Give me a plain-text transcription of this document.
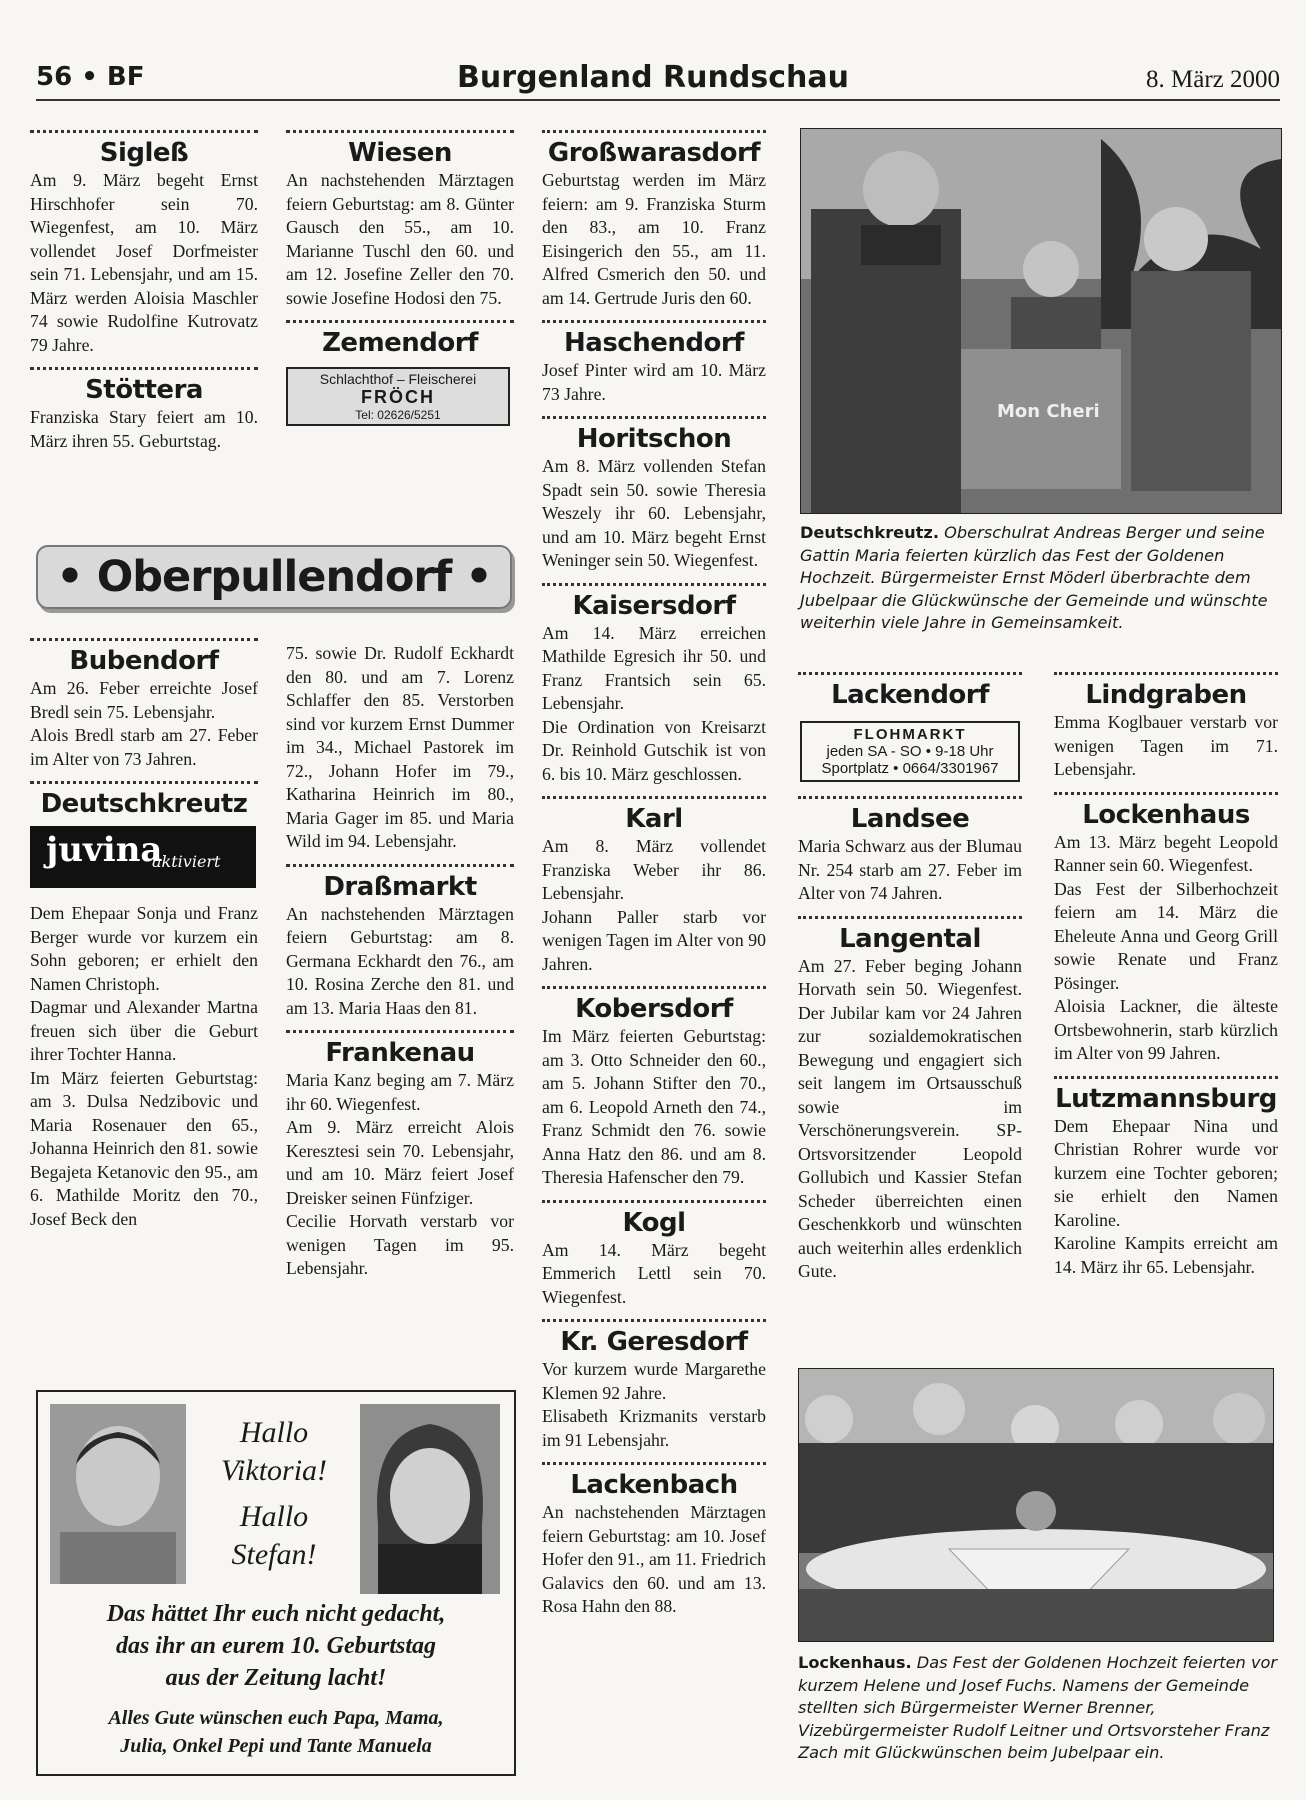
56 • BF	Burgenland Rundschau	8. März 2000
Sigleß
Am 9. März begeht Ernst Hirschhofer sein 70. Wiegenfest, am 10. März vollendet Josef Dorfmeister sein 71. Lebensjahr, und am 15. März werden Aloisia Maschler 74 sowie Rudolfine Kutrovatz 79 Jahre.
Stöttera
Franziska Stary feiert am 10. März ihren 55. Geburtstag.
Wiesen
An nachstehenden Märztagen feiern Geburtstag: am 8. Günter Gausch den 55., am 10. Marianne Tuschl den 60. und am 12. Josefine Zeller den 70. sowie Josefine Hodosi den 75.
Zemendorf
Schlachthof – Fleischerei
FRÖCH
Tel: 02626/5251
• Oberpullendorf •
Bubendorf

Am 26. Feber erreichte Josef Bredl sein 75. Lebensjahr.

Alois Bredl starb am 27. Feber im Alter von 73 Jahren.

Deutschkreutz
juvina
aktiviert

Dem Ehepaar Sonja und Franz Berger wurde vor kurzem ein Sohn geboren; er erhielt den Namen Christoph.

Dagmar und Alexander Martna freuen sich über die Geburt ihrer Tochter Hanna.

Im März feierten Geburtstag: am 3. Dulsa Nedzibovic und Maria Rosenauer den 65., Johanna Heinrich den 81. sowie Begajeta Ketanovic den 95., am 6. Mathilde Moritz den 70., Josef Beck den

75. sowie Dr. Rudolf Eckhardt den 80. und am 7. Lorenz Schlaffer den 85. Verstorben sind vor kurzem Ernst Dummer im 34., Michael Pastorek im 72., Johann Hofer im 79., Katharina Heinrich im 80., Maria Gager im 85. und Maria Wild im 94. Lebensjahr.
Draßmarkt
An nachstehenden Märztagen feiern Geburtstag: am 8. Germana Eckhardt den 76., am 10. Rosina Zerche den 81. und am 13. Maria Haas den 81.
Frankenau

Maria Kanz beging am 7. März ihr 60. Wiegenfest.

Am 9. März erreicht Alois Keresztesi sein 70. Lebensjahr, und am 10. März feiert Josef Dreisker seinen Fünfziger.

Cecilie Horvath verstarb vor wenigen Tagen im 95. Lebensjahr.

Hallo
Viktoria!
Hallo
Stefan!
Das hättet Ihr euch nicht gedacht,
das ihr an eurem 10. Geburtstag
aus der Zeitung lacht!
Alles Gute wünschen euch Papa, Mama,
Julia, Onkel Pepi und Tante Manuela
Großwarasdorf
Geburtstag werden im März feiern: am 9. Franziska Sturm den 83., am 10. Franz Eisingerich den 55., am 11. Alfred Csmerich den 50. und am 14. Gertrude Juris den 60.
Haschendorf
Josef Pinter wird am 10. März 73 Jahre.
Horitschon
Am 8. März vollenden Stefan Spadt sein 50. sowie Theresia Weszely ihr 60. Lebensjahr, und am 10. März begeht Ernst Weninger sein 50. Wiegenfest.
Kaisersdorf

Am 14. März erreichen Mathilde Egresich ihr 50. und Franz Frantsich sein 65. Lebensjahr.

Die Ordination von Kreisarzt Dr. Reinhold Gutschik ist von 6. bis 10. März geschlossen.

Karl

Am 8. März vollendet Franziska Weber ihr 86. Lebensjahr.

Johann Paller starb vor wenigen Tagen im Alter von 90 Jahren.

Kobersdorf
Im März feierten Geburtstag: am 3. Otto Schneider den 60., am 5. Johann Stifter den 70., am 6. Leopold Arneth den 74., Franz Schmidt den 76. sowie Anna Hatz den 86. und am 8. Theresia Hafenscher den 79.
Kogl
Am 14. März begeht Emmerich Lettl sein 70. Wiegenfest.
Kr. Geresdorf

Vor kurzem wurde Margarethe Klemen 92 Jahre.

Elisabeth Krizmanits verstarb im 91 Lebensjahr.

Lackenbach
An nachstehenden Märztagen feiern Geburtstag: am 10. Josef Hofer den 91., am 11. Friedrich Galavics den 60. und am 13. Rosa Hahn den 88.
Mon Cheri
Deutschkreutz. Oberschulrat Andreas Berger und seine Gattin Maria feierten kürzlich das Fest der Goldenen Hochzeit. Bürgermeister Ernst Möderl überbrachte dem Jubelpaar die Glückwünsche der Gemeinde und wünschte weiterhin viele Jahre in Gemeinsamkeit.
Lackendorf
FLOHMARKT
jeden SA - SO • 9-18 Uhr
Sportplatz • 0664/3301967
Landsee
Maria Schwarz aus der Blumau Nr. 254 starb am 27. Feber im Alter von 74 Jahren.
Langental
Am 27. Feber beging Johann Horvath sein 50. Wiegenfest. Der Jubilar kam vor 24 Jahren zur sozialdemokratischen Bewegung und engagiert sich seit langem im Ortsausschuß sowie im Verschönerungsverein. SP-Ortsvorsitzender Leopold Gollubich und Kassier Stefan Scheder überreichten einen Geschenkkorb und wünschten auch weiterhin alles erdenklich Gute.
Lindgraben
Emma Koglbauer verstarb vor wenigen Tagen im 71. Lebensjahr.
Lockenhaus

Am 13. März begeht Leopold Ranner sein 60. Wiegenfest.

Das Fest der Silberhochzeit feiern am 14. März die Eheleute Anna und Georg Grill sowie Renate und Franz Pösinger.

Aloisia Lackner, die älteste Ortsbewohnerin, starb kürzlich im Alter von 99 Jahren.

Lutzmannsburg

Dem Ehepaar Nina und Christian Rohrer wurde vor kurzem eine Tochter geboren; sie erhielt den Namen Karoline.

Karoline Kampits erreicht am 14. März ihr 65. Lebensjahr.

Lockenhaus. Das Fest der Goldenen Hochzeit feierten vor kurzem Helene und Josef Fuchs. Namens der Gemeinde stellten sich Bürgermeister Werner Brenner, Vizebürgermeister Rudolf Leitner und Ortsvorsteher Franz Zach mit Glückwünschen beim Jubelpaar ein.
